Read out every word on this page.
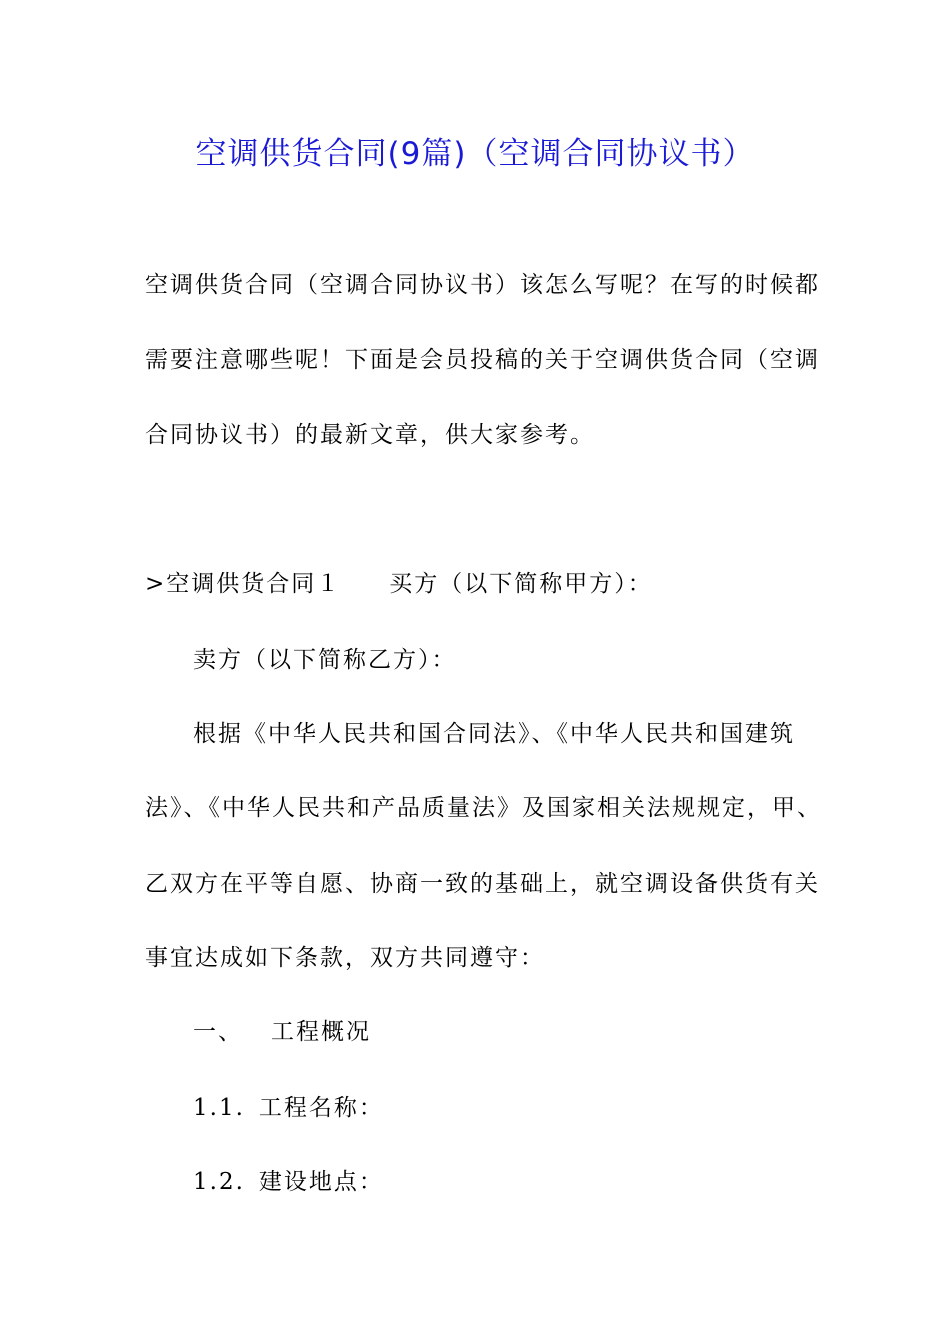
空调供货合同(9篇)（空调合同协议书）
空调供货合同（空调合同协议书）该怎么写呢？在写的时候都
需要注意哪些呢！下面是会员投稿的关于空调供货合同（空调
合同协议书）的最新文章，供大家参考。
>空调供货合同１ 买方（以下简称甲方）：
卖方（以下简称乙方）：
根据《中华人民共和国合同法》、《中华人民共和国建筑
法》、《中华人民共和产品质量法》及国家相关法规规定，甲、
乙双方在平等自愿、协商一致的基础上，就空调设备供货有关
事宜达成如下条款，双方共同遵守：
一、 工程概况
1.1. 工程名称：
1.2. 建设地点：
